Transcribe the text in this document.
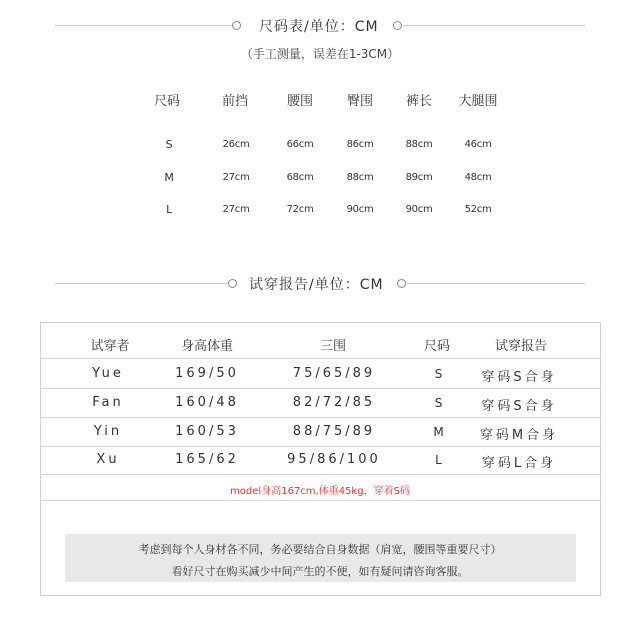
尺码表/单位：CM
（手工测量，误差在1-3CM）
尺码	前挡	腰围	臀围	裤长 大腿围
S	26cm	66cm	86cm	88cm	46cm
M	27cm	68cm	88cm	89cm	48cm
L	27cm	72cm	90cm	90cm	52cm
试穿报告/单位：CM
试穿者	身高体重	三围	尺码	试穿报告
Yue	169/50	75/65/89	S	穿码S合身
Fan	160/48	82/72/85	S	穿码S合身
Yin	160/53	88/75/89	M	穿码M合身
Xu	165/62	95/86/100	L	穿码L合身
model身高167cm,体重45kg，穿着S码
考虑到每个人身材各不同，务必要结合自身数据（肩宽，腰围等重要尺寸）
看好尺寸在购买减少中间产生的不便，如有疑问请咨询客服。
